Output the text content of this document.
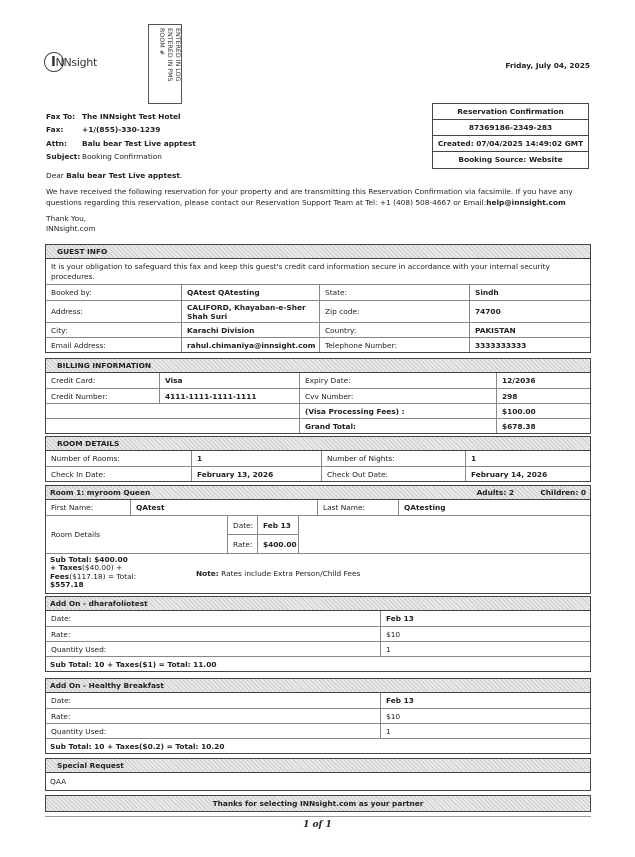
INNsight	ENTERED IN LOG
ENTERED IN PMS
ROOM #
Friday, July 04, 2025
Fax To: The INNsight Test Hotel
Fax:	+1/(855)-330-1239
Attn:	Balu bear Test Live apptest
Subject: Booking Confirmation
Reservation Confirmation
87369186-2349-283
Created: 07/04/2025 14:49:02 GMT
Booking Source: Website

Dear Balu bear Test Live apptest.

We have received the following reservation for your property and are transmitting this Reservation Confirmation via facsimile. If you have any questions regarding this reservation, please contact our Reservation Support Team at Tel: +1 (408) 508-4667 or Email:help@innsight.com

Thank You,

INNsight.com

GUEST INFO
It is your obligation to safeguard this fax and keep this guest's credit card information secure in accordance with your internal security procedures.
Booked by:	QAtest QAtesting	State:	Sindh
Address:	CALIFORD, Khayaban-e-Sher Shah Suri	Zip code:	74700
City:	Karachi Division	Country:	PAKISTAN
Email Address:	rahul.chimaniya@innsight.com	Telephone Number:	3333333333
BILLING INFORMATION
Credit Card:	Visa	Expiry Date:	12/2036
Credit Number:	4111-1111-1111-1111	Cvv Number:	298
(Visa Processing Fees) :	$100.00
Grand Total:	$678.38
ROOM DETAILS
Number of Rooms:	1	Number of Nights:	1
Check In Date:	February 13, 2026	Check Out Date:	February 14, 2026
Room 1: myroom Queen	Adults: 2	Children: 0
First Name:	QAtest	Last Name:	QAtesting
Room Details
Date:	Feb 13
Rate:	$400.00
Sub Total: $400.00
+ Taxes($40.00) +
Fees($117.18) = Total:
$557.18
Note: Rates include Extra Person/Child Fees
Add On - dharafoliotest
Date:	Feb 13
Rate:	$10
Quantity Used:	1
Sub Total: 10 + Taxes($1) = Total: 11.00
Add On - Healthy Breakfast
Date:	Feb 13
Rate:	$10
Quantity Used:	1
Sub Total: 10 + Taxes($0.2) = Total: 10.20
Special Request
QAA
Thanks for selecting INNsight.com as your partner
1 of 1
